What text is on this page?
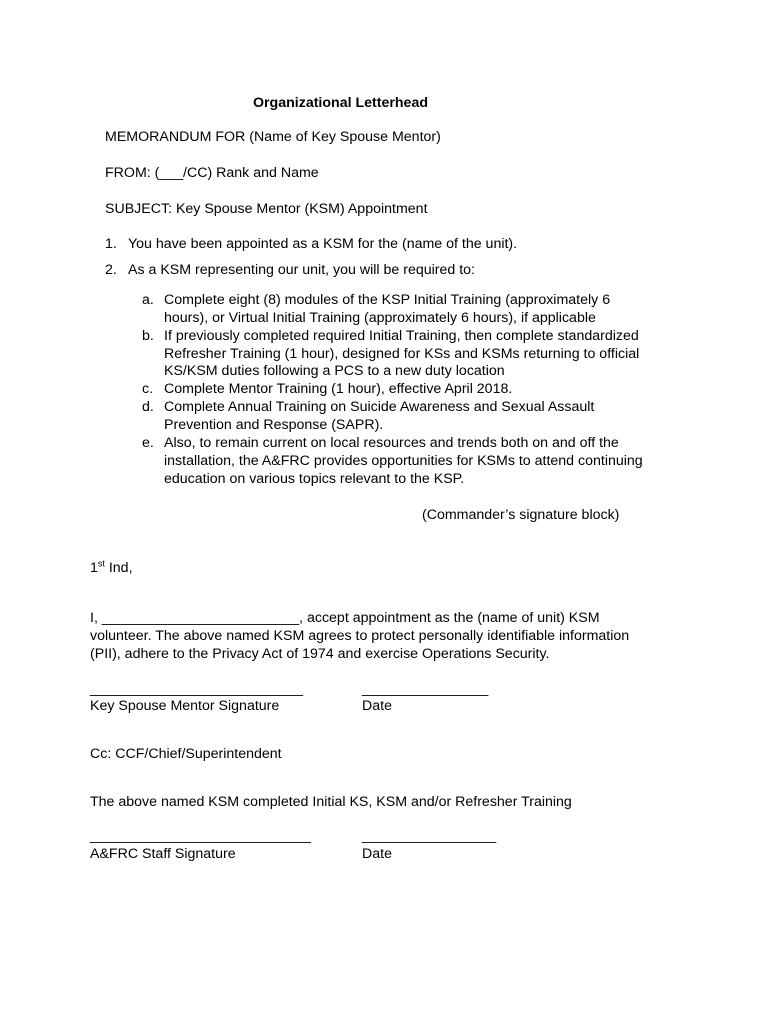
Organizational Letterhead
MEMORANDUM FOR (Name of Key Spouse Mentor)
FROM: (___/CC) Rank and Name
SUBJECT: Key Spouse Mentor (KSM) Appointment
1. You have been appointed as a KSM for the (name of the unit).
2. As a KSM representing our unit, you will be required to:
a. Complete eight (8) modules of the KSP Initial Training (approximately 6
hours), or Virtual Initial Training (approximately 6 hours), if applicable
b. If previously completed required Initial Training, then complete standardized
Refresher Training (1 hour), designed for KSs and KSMs returning to official
KS/KSM duties following a PCS to a new duty location
c. Complete Mentor Training (1 hour), effective April 2018.
d. Complete Annual Training on Suicide Awareness and Sexual Assault
Prevention and Response (SAPR).
e. Also, to remain current on local resources and trends both on and off the
installation, the A&FRC provides opportunities for KSMs to attend continuing
education on various topics relevant to the KSP.
(Commander’s signature block)
1st Ind,
I, _________________________, accept appointment as the (name of unit) KSM
volunteer. The above named KSM agrees to protect personally identifiable information
(PII), adhere to the Privacy Act of 1974 and exercise Operations Security.
___________________________	________________
Key Spouse Mentor Signature	Date
Cc: CCF/Chief/Superintendent
The above named KSM completed Initial KS, KSM and/or Refresher Training
____________________________	_________________
A&FRC Staff Signature	Date
